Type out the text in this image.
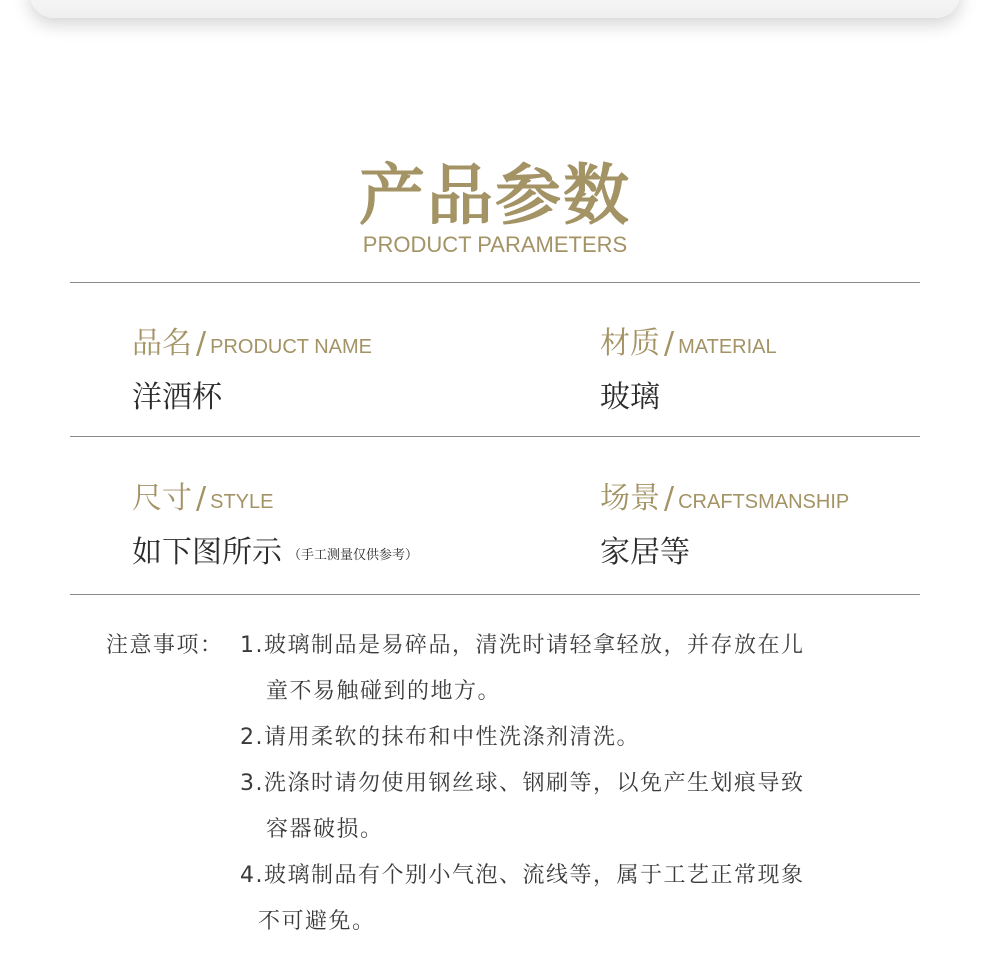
产品参数
PRODUCT PARAMETERS
品名 / PRODUCT NAME
洋酒杯
材质 / MATERIAL
玻璃
尺寸 / STYLE
如下图所示 （手工测量仅供参考）
场景 / CRAFTSMANSHIP
家居等
注意事项： 1.玻璃制品是易碎品，清洗时请轻拿轻放，并存放在儿
童不易触碰到的地方。
2.请用柔软的抹布和中性洗涤剂清洗。
3.洗涤时请勿使用钢丝球、钢刷等，以免产生划痕导致
容器破损。
4.玻璃制品有个别小气泡、流线等，属于工艺正常现象
不可避免。
